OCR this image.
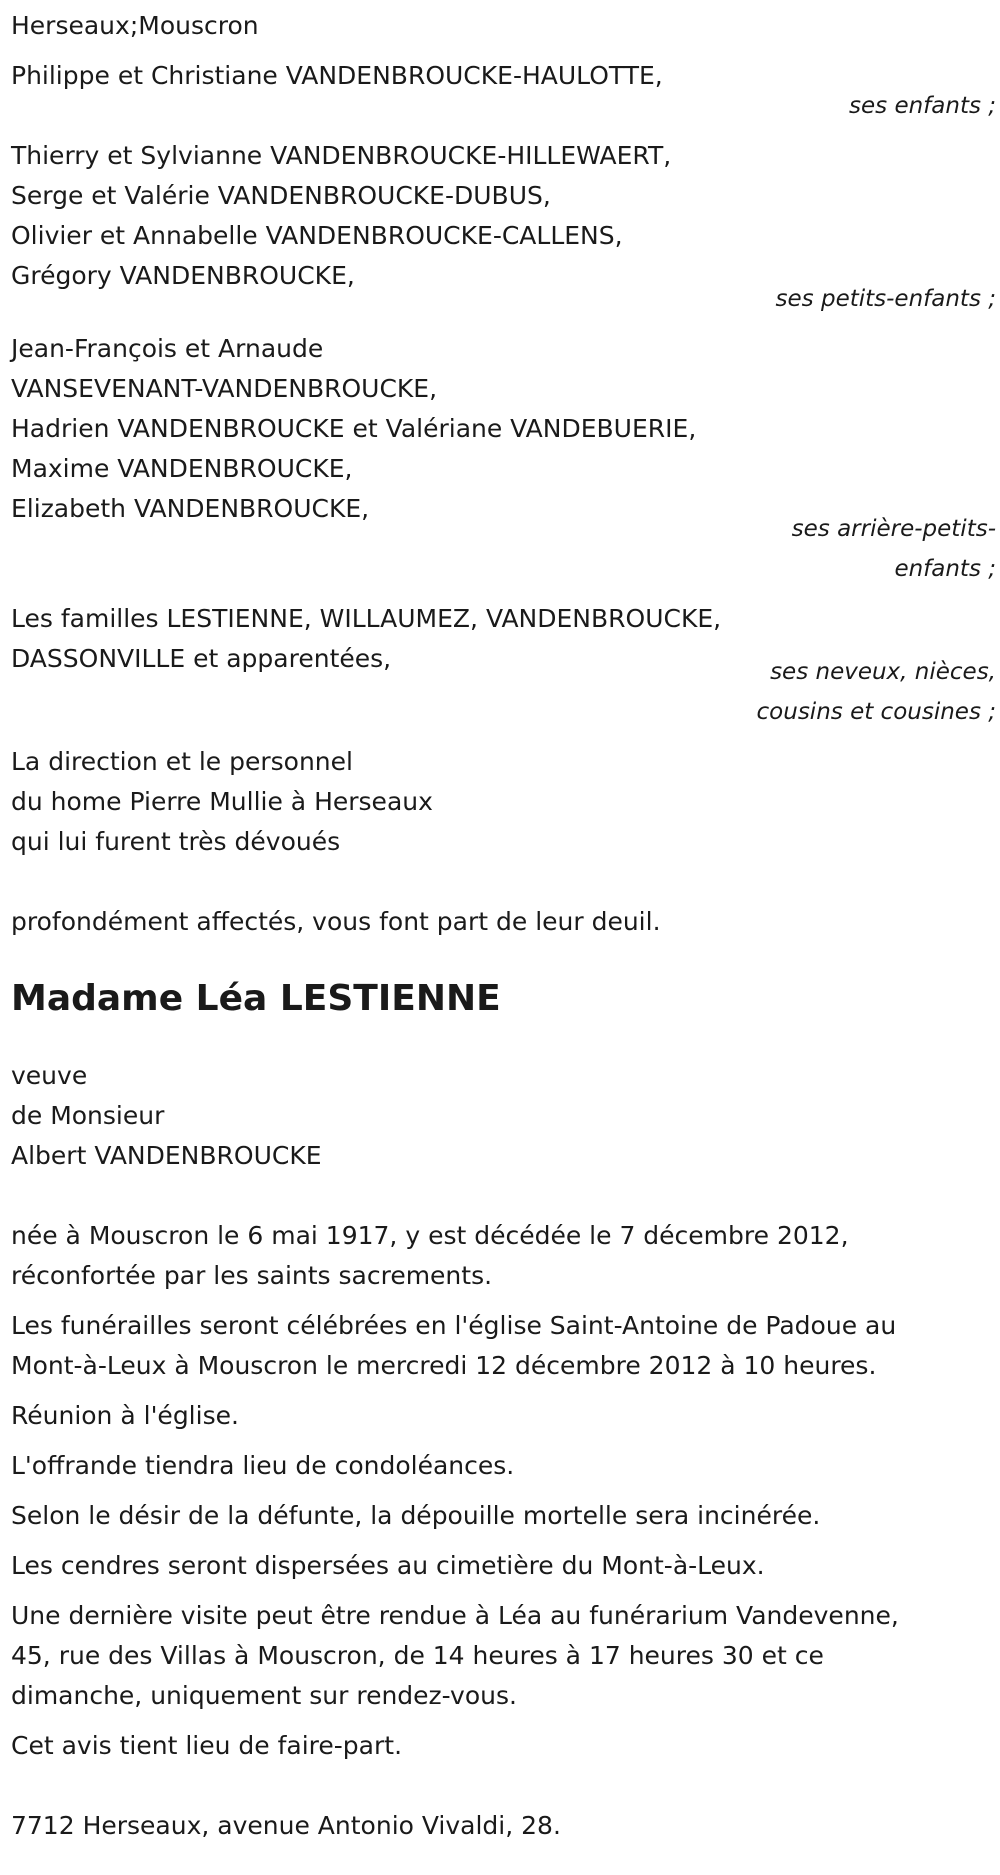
Herseaux;Mouscron
Philippe et Christiane VANDENBROUCKE-HAULOTTE,
ses enfants ;
Thierry et Sylvianne VANDENBROUCKE-HILLEWAERT,
Serge et Valérie VANDENBROUCKE-DUBUS,
Olivier et Annabelle VANDENBROUCKE-CALLENS,
Grégory VANDENBROUCKE,
ses petits-enfants ;
Jean-François et Arnaude
VANSEVENANT-VANDENBROUCKE,
Hadrien VANDENBROUCKE et Valériane VANDEBUERIE,
Maxime VANDENBROUCKE,
Elizabeth VANDENBROUCKE,
ses arrière-petits-enfants ;
Les familles LESTIENNE, WILLAUMEZ, VANDENBROUCKE,
DASSONVILLE et apparentées,	ses neveux, nièces, cousins et cousines ;
La direction et le personnel
du home Pierre Mullie à Herseaux
qui lui furent très dévoués
profondément affectés, vous font part de leur deuil.
Madame Léa LESTIENNE
veuve
de Monsieur
Albert VANDENBROUCKE
née à Mouscron le 6 mai 1917, y est décédée le 7 décembre 2012,
réconfortée par les saints sacrements.
Les funérailles seront célébrées en l'église Saint-Antoine de Padoue au
Mont-à-Leux à Mouscron le mercredi 12 décembre 2012 à 10 heures.
Réunion à l'église.
L'offrande tiendra lieu de condoléances.
Selon le désir de la défunte, la dépouille mortelle sera incinérée.
Les cendres seront dispersées au cimetière du Mont-à-Leux.
Une dernière visite peut être rendue à Léa au funérarium Vandevenne,
45, rue des Villas à Mouscron, de 14 heures à 17 heures 30 et ce
dimanche, uniquement sur rendez-vous.
Cet avis tient lieu de faire-part.
7712 Herseaux, avenue Antonio Vivaldi, 28.
